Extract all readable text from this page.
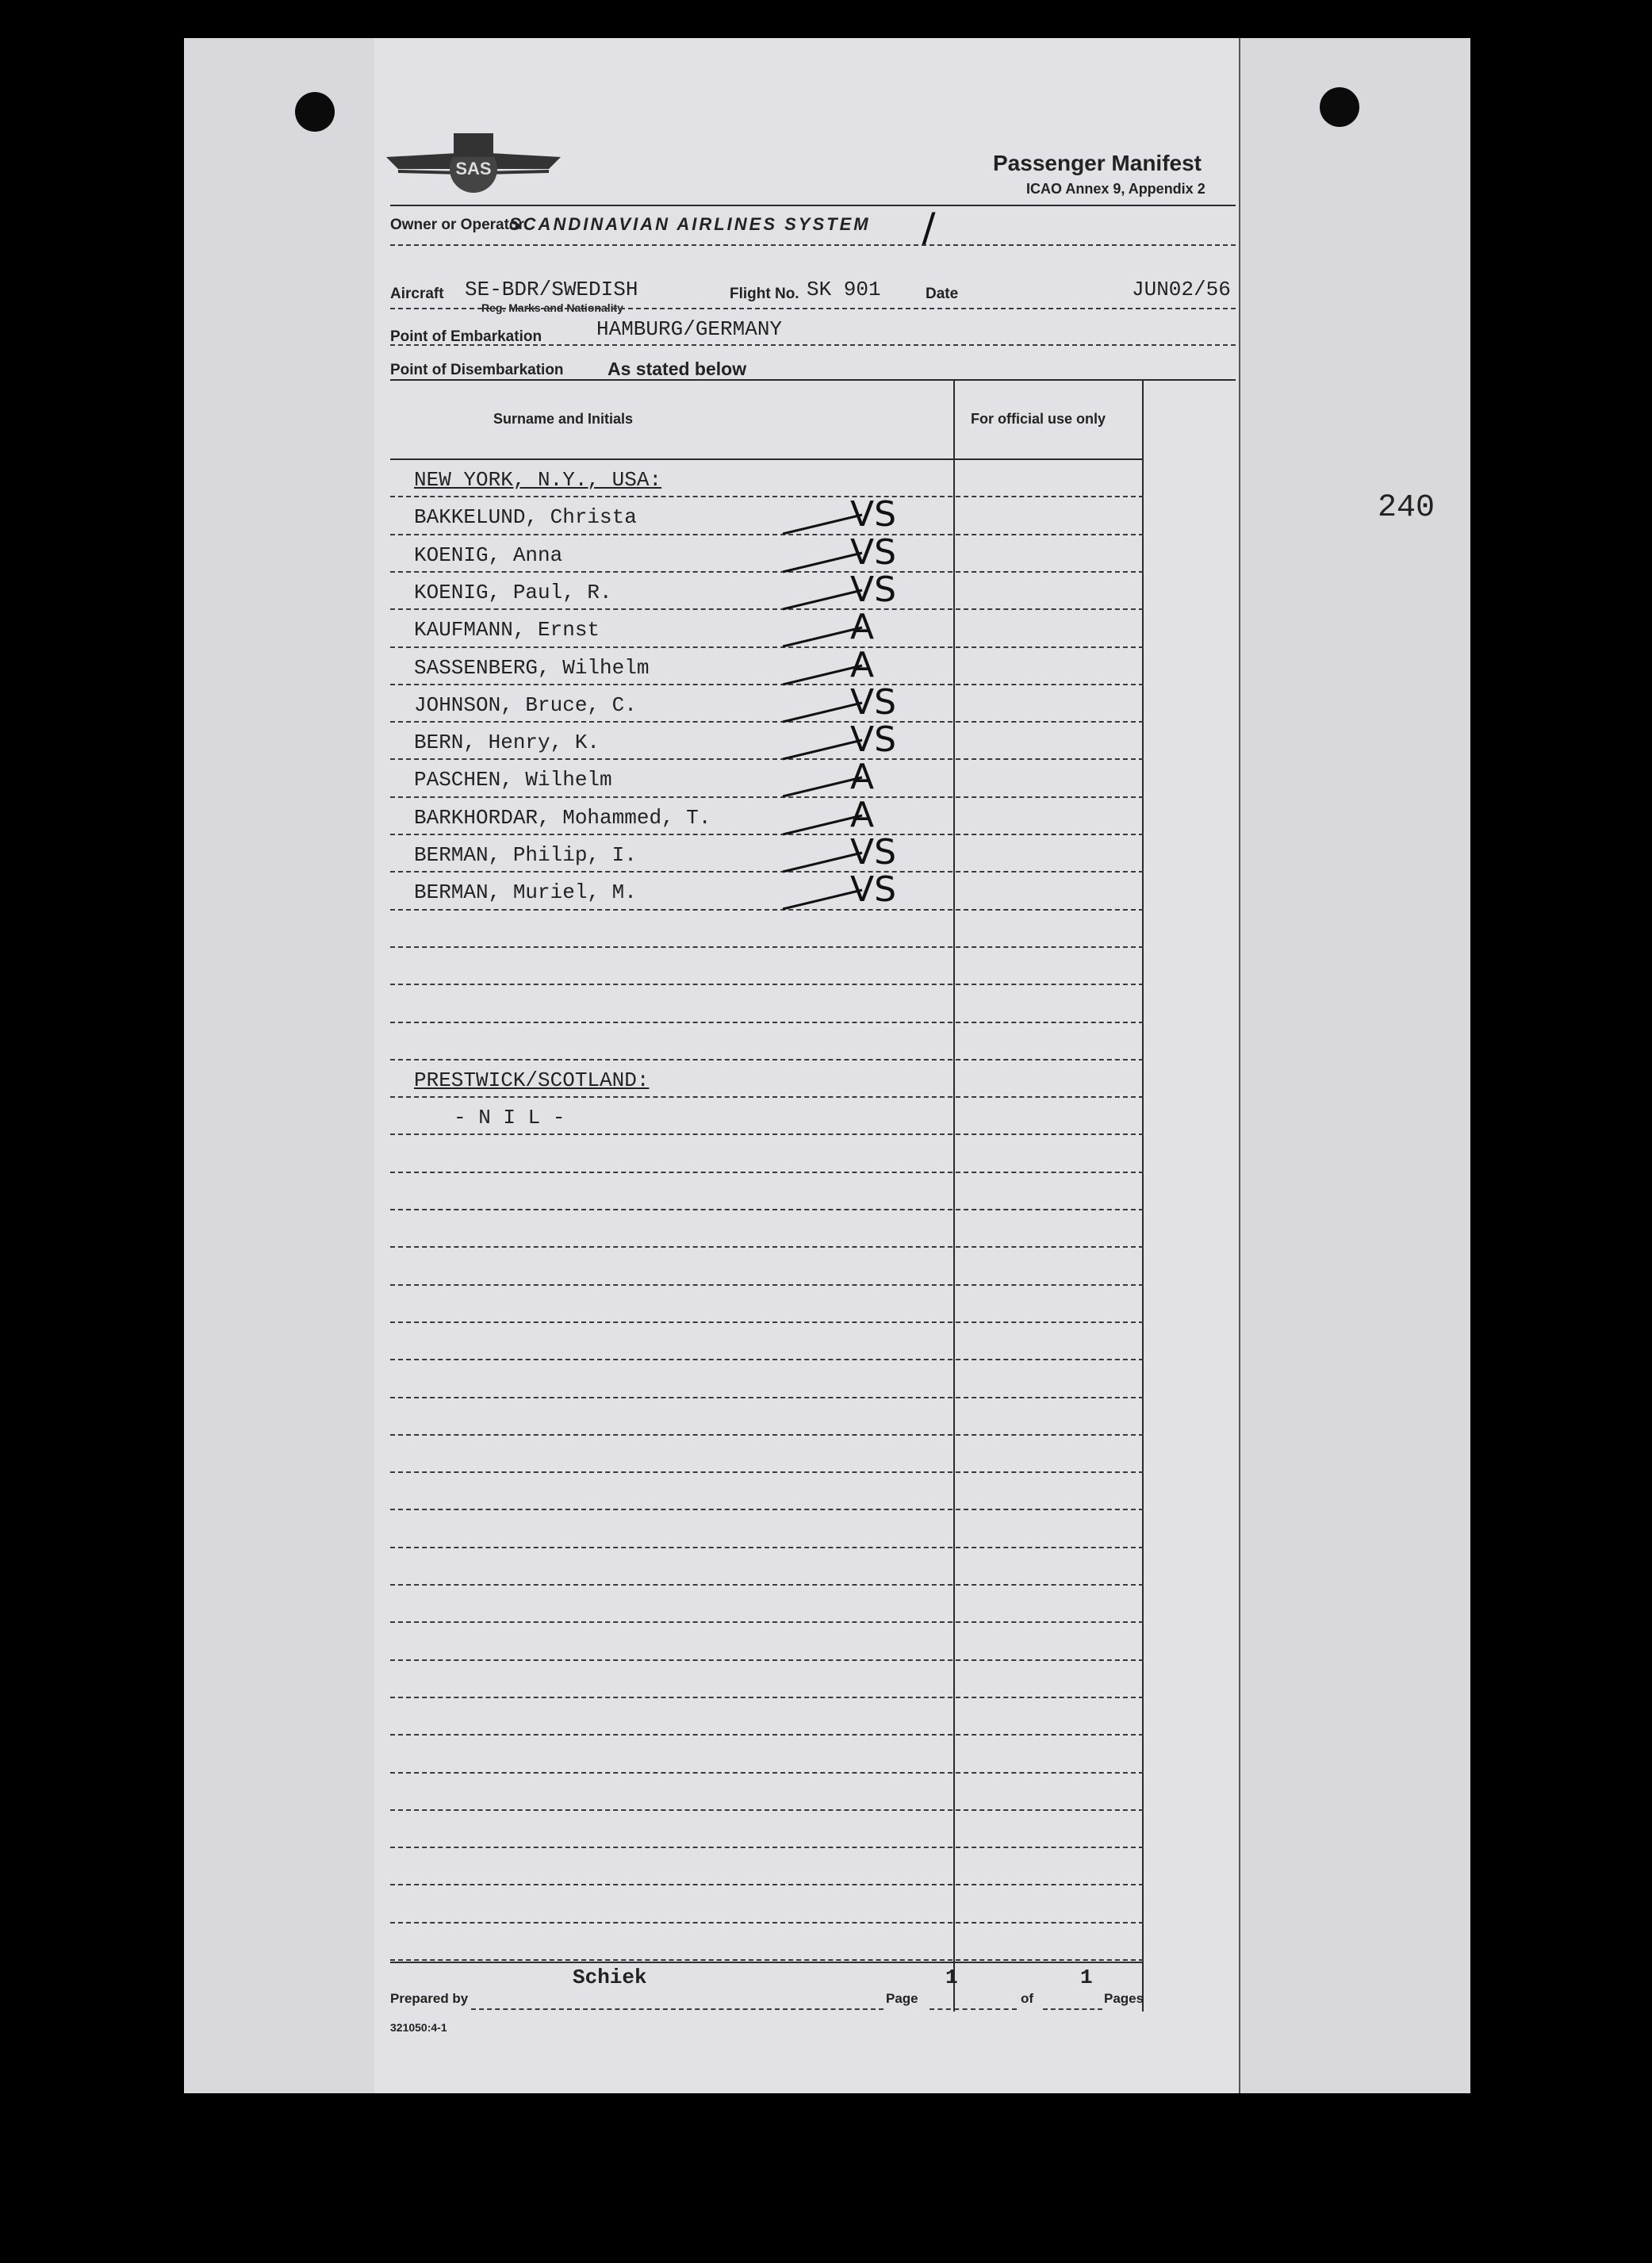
240
SAS	Passenger Manifest
ICAO Annex 9, Appendix 2
Owner or Operator
SCANDINAVIAN AIRLINES SYSTEM /
Aircraft SE-BDR/SWEDISH
Reg. Marks and Nationality
Flight No. SK 901	Date	JUN02/56
Point of Embarkation	HAMBURG/GERMANY
Point of Disembarkation As stated below
Surname and Initials	For official use only
NEW YORK, N.Y., USA:
BAKKELUND, Christa	VS
KOENIG, Anna	VS
KOENIG, Paul, R.	VS
KAUFMANN, Ernst	A
SASSENBERG, Wilhelm	A
JOHNSON, Bruce, C.	VS
BERN, Henry, K.	VS
PASCHEN, Wilhelm	A
BARKHORDAR, Mohammed, T.	A
BERMAN, Philip, I.	VS
BERMAN, Muriel, M.	VS
PRESTWICK/SCOTLAND:
- N I L -
Schiek	1	1
Prepared by	Page	of	Pages
321050:4-1
